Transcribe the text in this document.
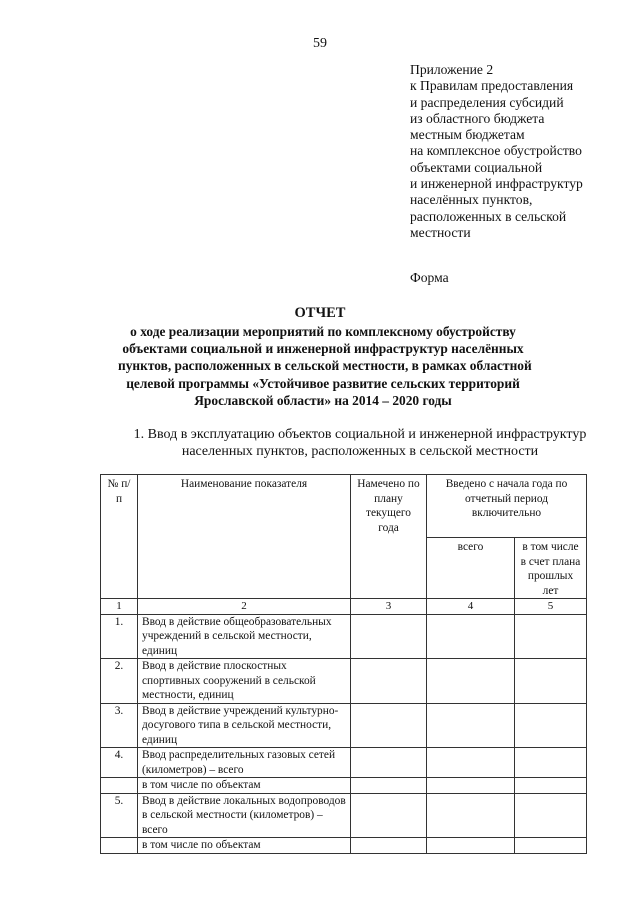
59
Приложение 2
к Правилам предоставления
и распределения субсидий
из областного бюджета
местным бюджетам
на комплексное обустройство
объектами социальной
и инженерной инфраструктур
населённых пунктов,
расположенных в сельской
местности
Форма
ОТЧЕТ
о ходе реализации мероприятий по комплексному обустройству
объектами социальной и инженерной инфраструктур населённых
пунктов, расположенных в сельской местности, в рамках областной
целевой программы «Устойчивое развитие сельских территорий
Ярославской области» на 2014 – 2020 годы
1. Ввод в эксплуатацию объектов социальной и инженерной инфраструктур
населенных пунктов, расположенных в сельской местности
№ п/п	Наименование показателя	Намечено по плану текущего года	Введено с начала года по отчетный период включительно	
			всего	в том числе в счет плана прошлых лет
1	2	3	4	5
1.	Ввод в действие общеобразовательных учреждений в сельской местности, единиц			
2.	Ввод в действие плоскостных спортивных сооружений в сельской местности, единиц			
3.	Ввод в действие учреждений культурно-досугового типа в сельской местности, единиц			
4.	Ввод распределительных газовых сетей (километров) – всего			
	в том числе по объектам			
5.	Ввод в действие локальных водопроводов в сельской местности (километров) – всего			
	в том числе по объектам			
